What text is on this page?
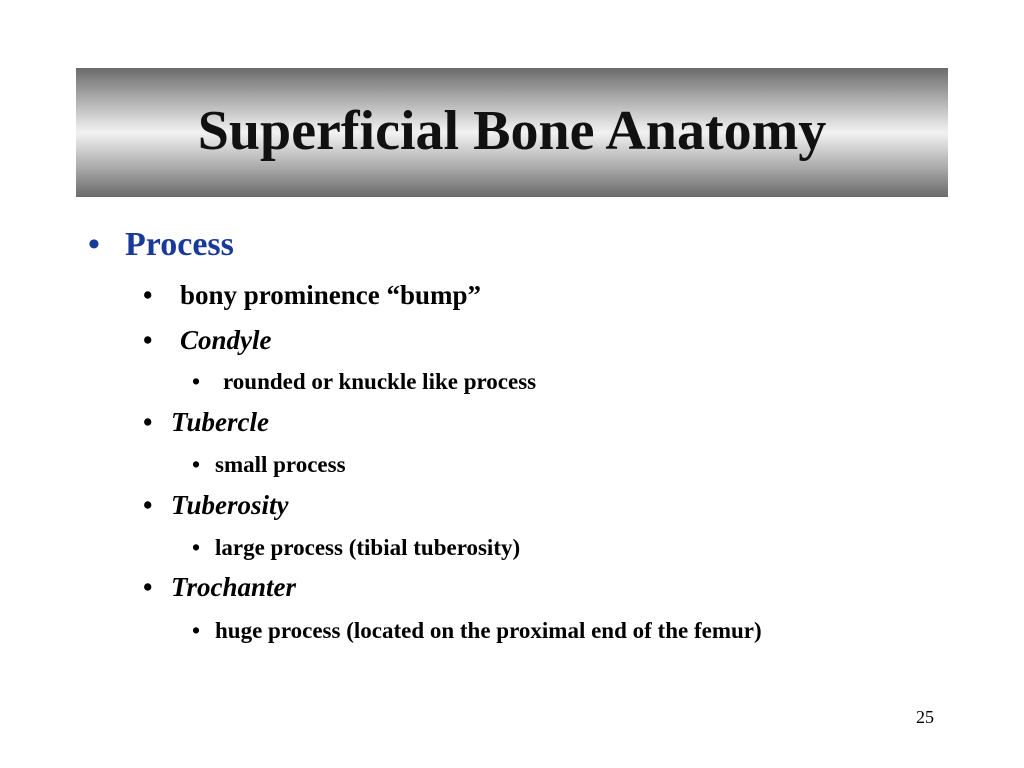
Superficial Bone Anatomy
• Process
• bony prominence “bump”
• Condyle
• rounded or knuckle like process
• Tubercle
• small process
• Tuberosity
• large process (tibial tuberosity)
• Trochanter
• huge process (located on the proximal end of the femur)
25
